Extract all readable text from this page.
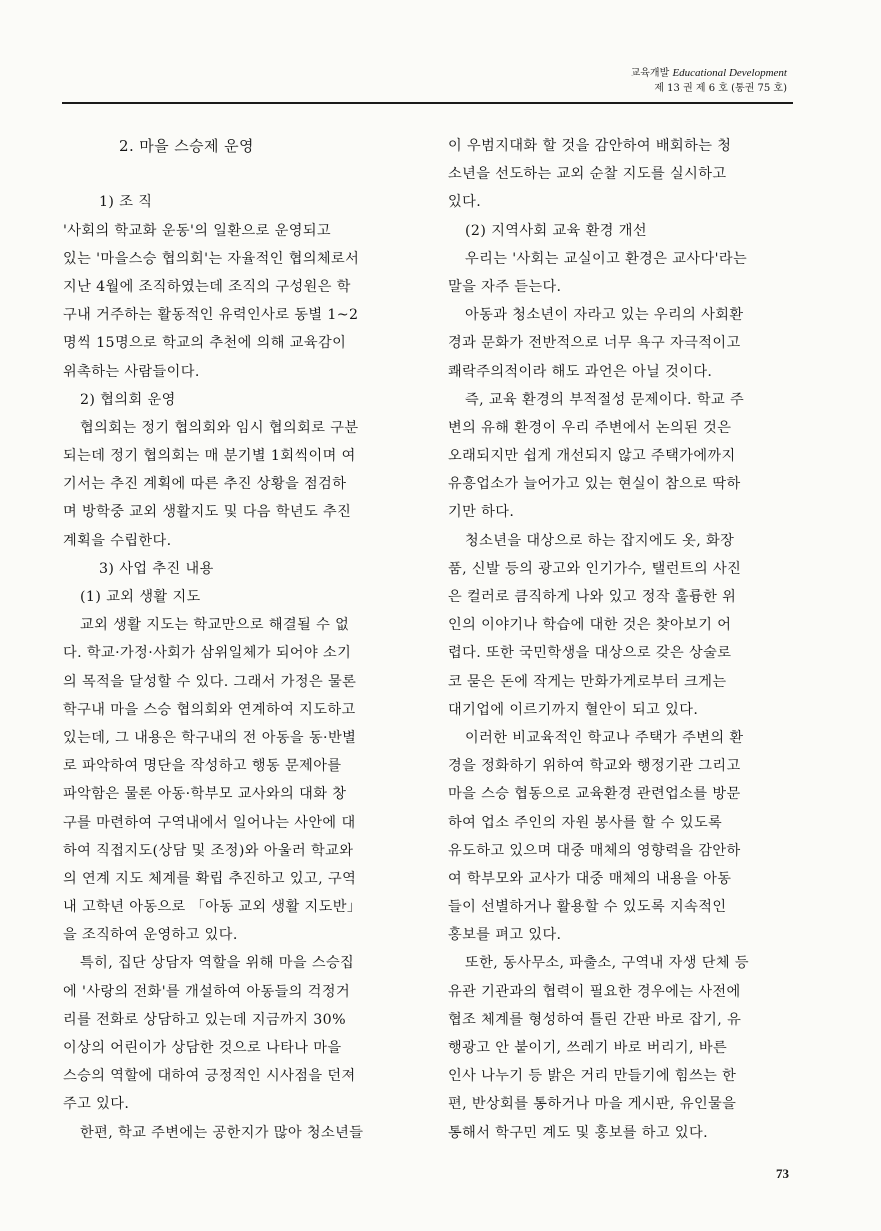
교육개발 Educational Development
제 13 권 제 6 호 (통권 75 호)
2. 마을 스승제 운영
1) 조 직
'사회의 학교화 운동'의 일환으로 운영되고
있는 '마을스승 협의회'는 자율적인 협의체로서
지난 4월에 조직하였는데 조직의 구성원은 학
구내 거주하는 활동적인 유력인사로 동별 1~2
명씩 15명으로 학교의 추천에 의해 교육감이
위촉하는 사람들이다.
2) 협의회 운영
협의회는 정기 협의회와 임시 협의회로 구분
되는데 정기 협의회는 매 분기별 1회씩이며 여
기서는 추진 계획에 따른 추진 상황을 점검하
며 방학중 교외 생활지도 및 다음 학년도 추진
계획을 수립한다.
3) 사업 추진 내용
(1) 교외 생활 지도
교외 생활 지도는 학교만으로 해결될 수 없
다. 학교·가정·사회가 삼위일체가 되어야 소기
의 목적을 달성할 수 있다. 그래서 가정은 물론
학구내 마을 스승 협의회와 연계하여 지도하고
있는데, 그 내용은 학구내의 전 아동을 동·반별
로 파악하여 명단을 작성하고 행동 문제아를
파악함은 물론 아동·학부모 교사와의 대화 창
구를 마련하여 구역내에서 일어나는 사안에 대
하여 직접지도(상담 및 조정)와 아울러 학교와
의 연계 지도 체계를 확립 추진하고 있고, 구역
내 고학년 아동으로 「아동 교외 생활 지도반」
을 조직하여 운영하고 있다.
특히, 집단 상담자 역할을 위해 마을 스승집
에 '사랑의 전화'를 개설하여 아동들의 걱정거
리를 전화로 상담하고 있는데 지금까지 30%
이상의 어린이가 상담한 것으로 나타나 마을
스승의 역할에 대하여 긍정적인 시사점을 던져
주고 있다.
한편, 학교 주변에는 공한지가 많아 청소년들
이 우범지대화 할 것을 감안하여 배회하는 청
소년을 선도하는 교외 순찰 지도를 실시하고
있다.
(2) 지역사회 교육 환경 개선
우리는 '사회는 교실이고 환경은 교사다'라는
말을 자주 듣는다.
아동과 청소년이 자라고 있는 우리의 사회환
경과 문화가 전반적으로 너무 욕구 자극적이고
쾌락주의적이라 해도 과언은 아닐 것이다.
즉, 교육 환경의 부적절성 문제이다. 학교 주
변의 유해 환경이 우리 주변에서 논의된 것은
오래되지만 쉽게 개선되지 않고 주택가에까지
유흥업소가 늘어가고 있는 현실이 참으로 딱하
기만 하다.
청소년을 대상으로 하는 잡지에도 옷, 화장
품, 신발 등의 광고와 인기가수, 탤런트의 사진
은 컬러로 큼직하게 나와 있고 정작 훌륭한 위
인의 이야기나 학습에 대한 것은 찾아보기 어
렵다. 또한 국민학생을 대상으로 갖은 상술로
코 묻은 돈에 작게는 만화가게로부터 크게는
대기업에 이르기까지 혈안이 되고 있다.
이러한 비교육적인 학교나 주택가 주변의 환
경을 정화하기 위하여 학교와 행정기관 그리고
마을 스승 협동으로 교육환경 관련업소를 방문
하여 업소 주인의 자원 봉사를 할 수 있도록
유도하고 있으며 대중 매체의 영향력을 감안하
여 학부모와 교사가 대중 매체의 내용을 아동
들이 선별하거나 활용할 수 있도록 지속적인
홍보를 펴고 있다.
또한, 동사무소, 파출소, 구역내 자생 단체 등
유관 기관과의 협력이 필요한 경우에는 사전에
협조 체계를 형성하여 틀린 간판 바로 잡기, 유
행광고 안 붙이기, 쓰레기 바로 버리기, 바른
인사 나누기 등 밝은 거리 만들기에 힘쓰는 한
편, 반상회를 통하거나 마을 게시판, 유인물을
통해서 학구민 계도 및 홍보를 하고 있다.
73
